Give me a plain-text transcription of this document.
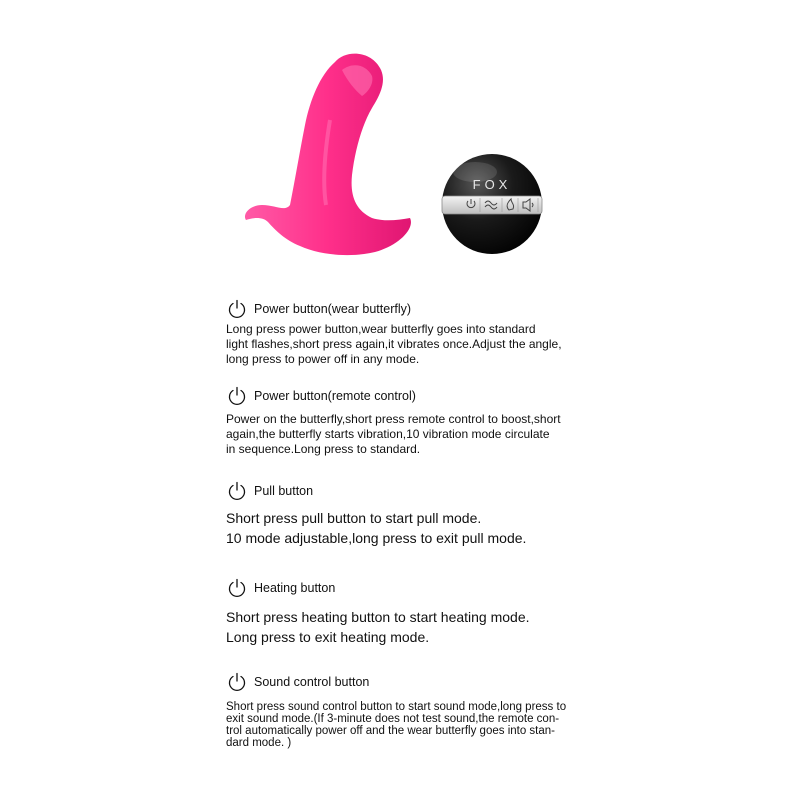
FOX
Power button(wear butterfly)

Long press power button,wear butterfly goes into standard

light flashes,short press again,it vibrates once.Adjust the angle,

long press to power off in any mode.

Power button(remote control)

Power on the butterfly,short press remote control to boost,short

again,the butterfly starts vibration,10 vibration mode circulate

in sequence.Long press to standard.

Pull button

Short press pull button to start pull mode.

10 mode adjustable,long press to exit pull mode.

Heating button

Short press heating button to start heating mode.

Long press to exit heating mode.

Sound control button

Short press sound control button to start sound mode,long press to

exit sound mode.(If 3-minute does not test sound,the remote con-

trol automatically power off and the wear butterfly goes into stan-

dard mode. )
